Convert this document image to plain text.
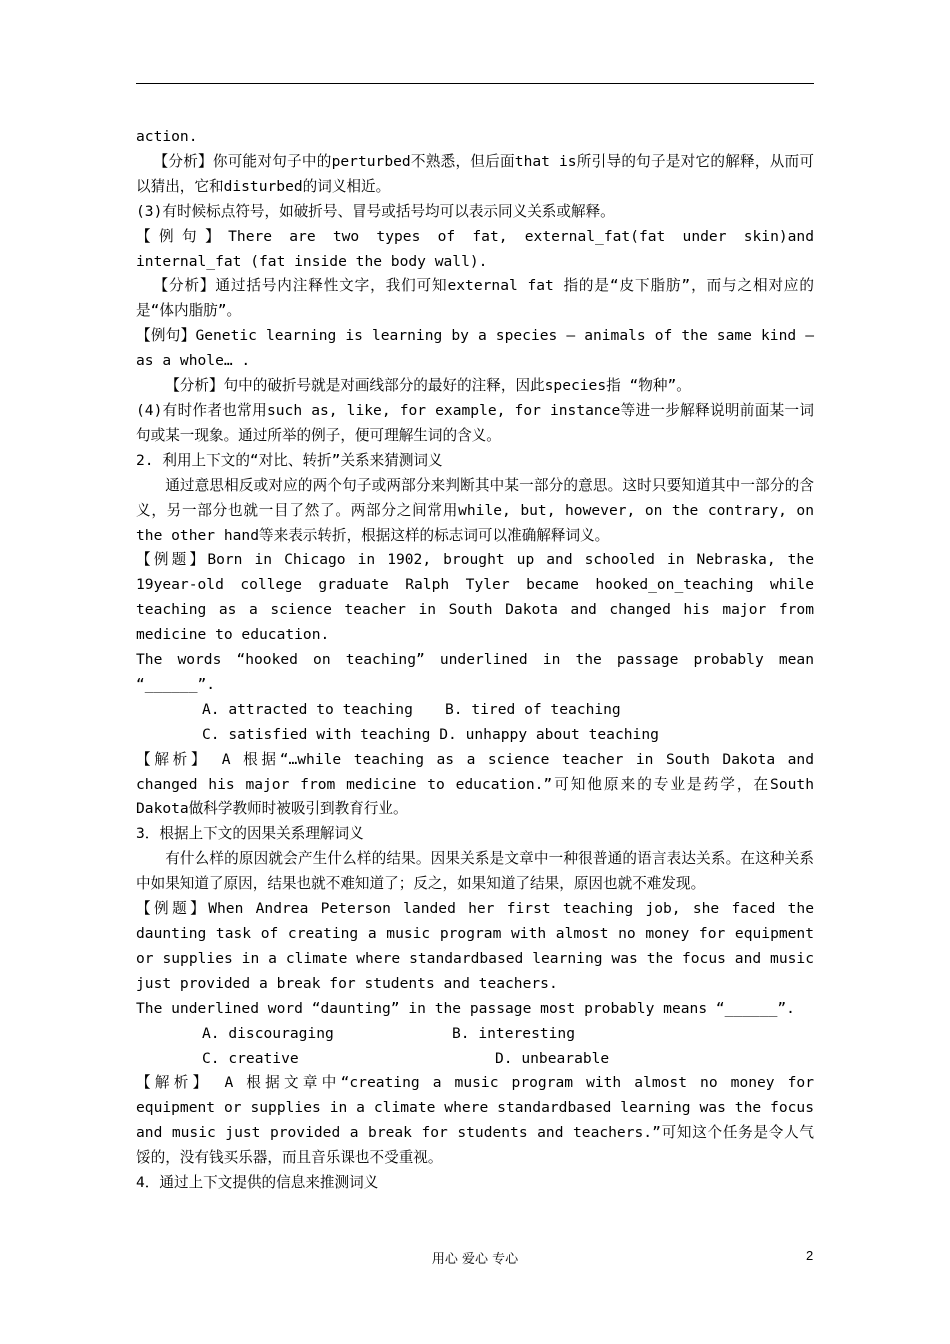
action.

【分析】你可能对句子中的perturbed不熟悉，但后面that is所引导的句子是对它的解释，从而可以猜出，它和disturbed的词义相近。

(3)有时候标点符号，如破折号、冒号或括号均可以表示同义关系或解释。

【例句】There are two types of fat, external_fat(fat under skin)and internal_fat (fat inside the body wall).

【分析】通过括号内注释性文字，我们可知external fat 指的是“皮下脂肪”，而与之相对应的是“体内脂肪”。

【例句】Genetic learning is learning by a species — animals of the same kind — as a whole… .

【分析】句中的破折号就是对画线部分的最好的注释，因此species指 “物种”。

(4)有时作者也常用such as, like, for example, for instance等进一步解释说明前面某一词句或某一现象。通过所举的例子，便可理解生词的含义。

2. 利用上下文的“对比、转折”关系来猜测词义

通过意思相反或对应的两个句子或两部分来判断其中某一部分的意思。这时只要知道其中一部分的含义，另一部分也就一目了然了。两部分之间常用while, but, however, on the contrary, on the other hand等来表示转折，根据这样的标志词可以准确解释词义。

【例题】Born in Chicago in 1902, brought up and schooled in Nebraska, the 19year-old college graduate Ralph Tyler became hooked_on_teaching while teaching as a science teacher in South Dakota and changed his major from medicine to education.

The words “hooked on teaching” underlined in the passage probably mean “______”.

A. attracted to teaching B. tired of teaching

C. satisfied with teaching D. unhappy about teaching

【解析】 A 根据“…while teaching as a science teacher in South Dakota and changed his major from medicine to education.”可知他原来的专业是药学，在South Dakota做科学教师时被吸引到教育行业。

3．根据上下文的因果关系理解词义

有什么样的原因就会产生什么样的结果。因果关系是文章中一种很普通的语言表达关系。在这种关系中如果知道了原因，结果也就不难知道了；反之，如果知道了结果，原因也就不难发现。

【例题】When Andrea Peterson landed her first teaching job, she faced the daunting task of creating a music program with almost no money for equipment or supplies in a climate where standardbased learning was the focus and music just provided a break for students and teachers.

The underlined word “daunting” in the passage most probably means “______”.

A. discouraging	B. interesting

C. creative	D. unbearable

【解析】 A 根据文章中“creating a music program with almost no money for equipment or supplies in a climate where standardbased learning was the focus and music just provided a break for students and teachers.”可知这个任务是令人气馁的，没有钱买乐器，而且音乐课也不受重视。

4．通过上下文提供的信息来推测词义

用心 爱心 专心	2
